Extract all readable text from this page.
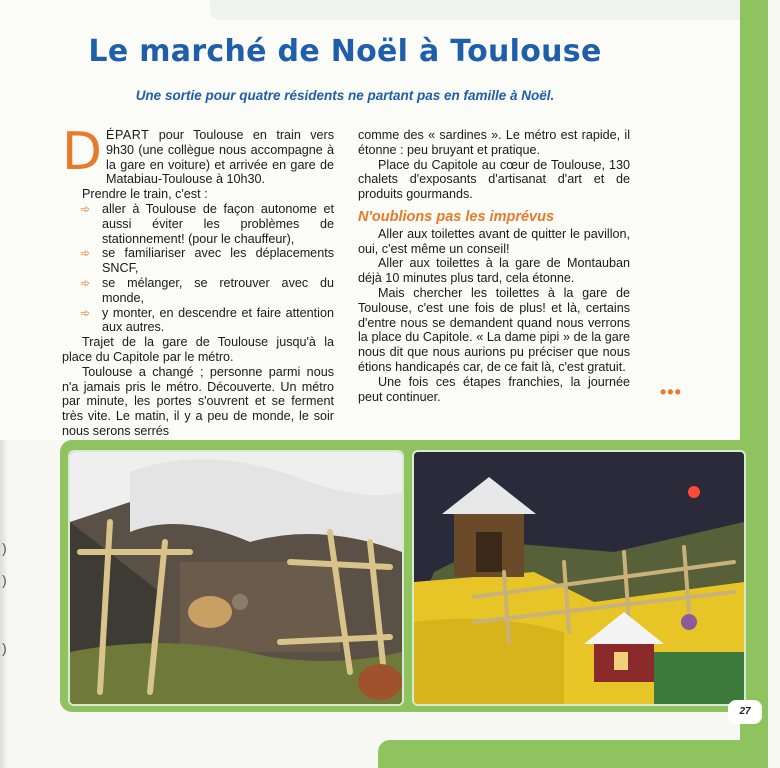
)
)
)
Le marché de Noël à Toulouse

Une sortie pour quatre résidents ne partant pas en famille à Noël.

DÉPART pour Toulouse en train vers 9h30 (une collègue nous accompagne à la gare en voiture) et arrivée en gare de Matabiau-Toulouse à 10h30.

Prendre le train, c'est :

➾ aller à Toulouse de façon autonome et aussi éviter les problèmes de stationnement! (pour le chauffeur),
➾ se familiariser avec les déplacements SNCF,
➾ se mélanger, se retrouver avec du monde,
➾ y monter, en descendre et faire attention aux autres.

Trajet de la gare de Toulouse jusqu'à la place du Capitole par le métro.

Toulouse a changé ; personne parmi nous n'a jamais pris le métro. Découverte. Un métro par minute, les portes s'ouvrent et se ferment très vite. Le matin, il y a peu de monde, le soir nous serons serrés

comme des « sardines ». Le métro est rapide, il étonne : peu bruyant et pratique.

Place du Capitole au cœur de Toulouse, 130 chalets d'exposants d'artisanat d'art et de produits gourmands.

N'oublions pas les imprévus

Aller aux toilettes avant de quitter le pavillon, oui, c'est même un conseil!

Aller aux toilettes à la gare de Montauban déjà 10 minutes plus tard, cela étonne.

Mais chercher les toilettes à la gare de Toulouse, c'est une fois de plus! et là, certains d'entre nous se demandent quand nous verrons la place du Capitole. « La dame pipi » de la gare nous dit que nous aurions pu préciser que nous étions handicapés car, de ce fait là, c'est gratuit.

Une fois ces étapes franchies, la journée peut continuer.	•••
27
